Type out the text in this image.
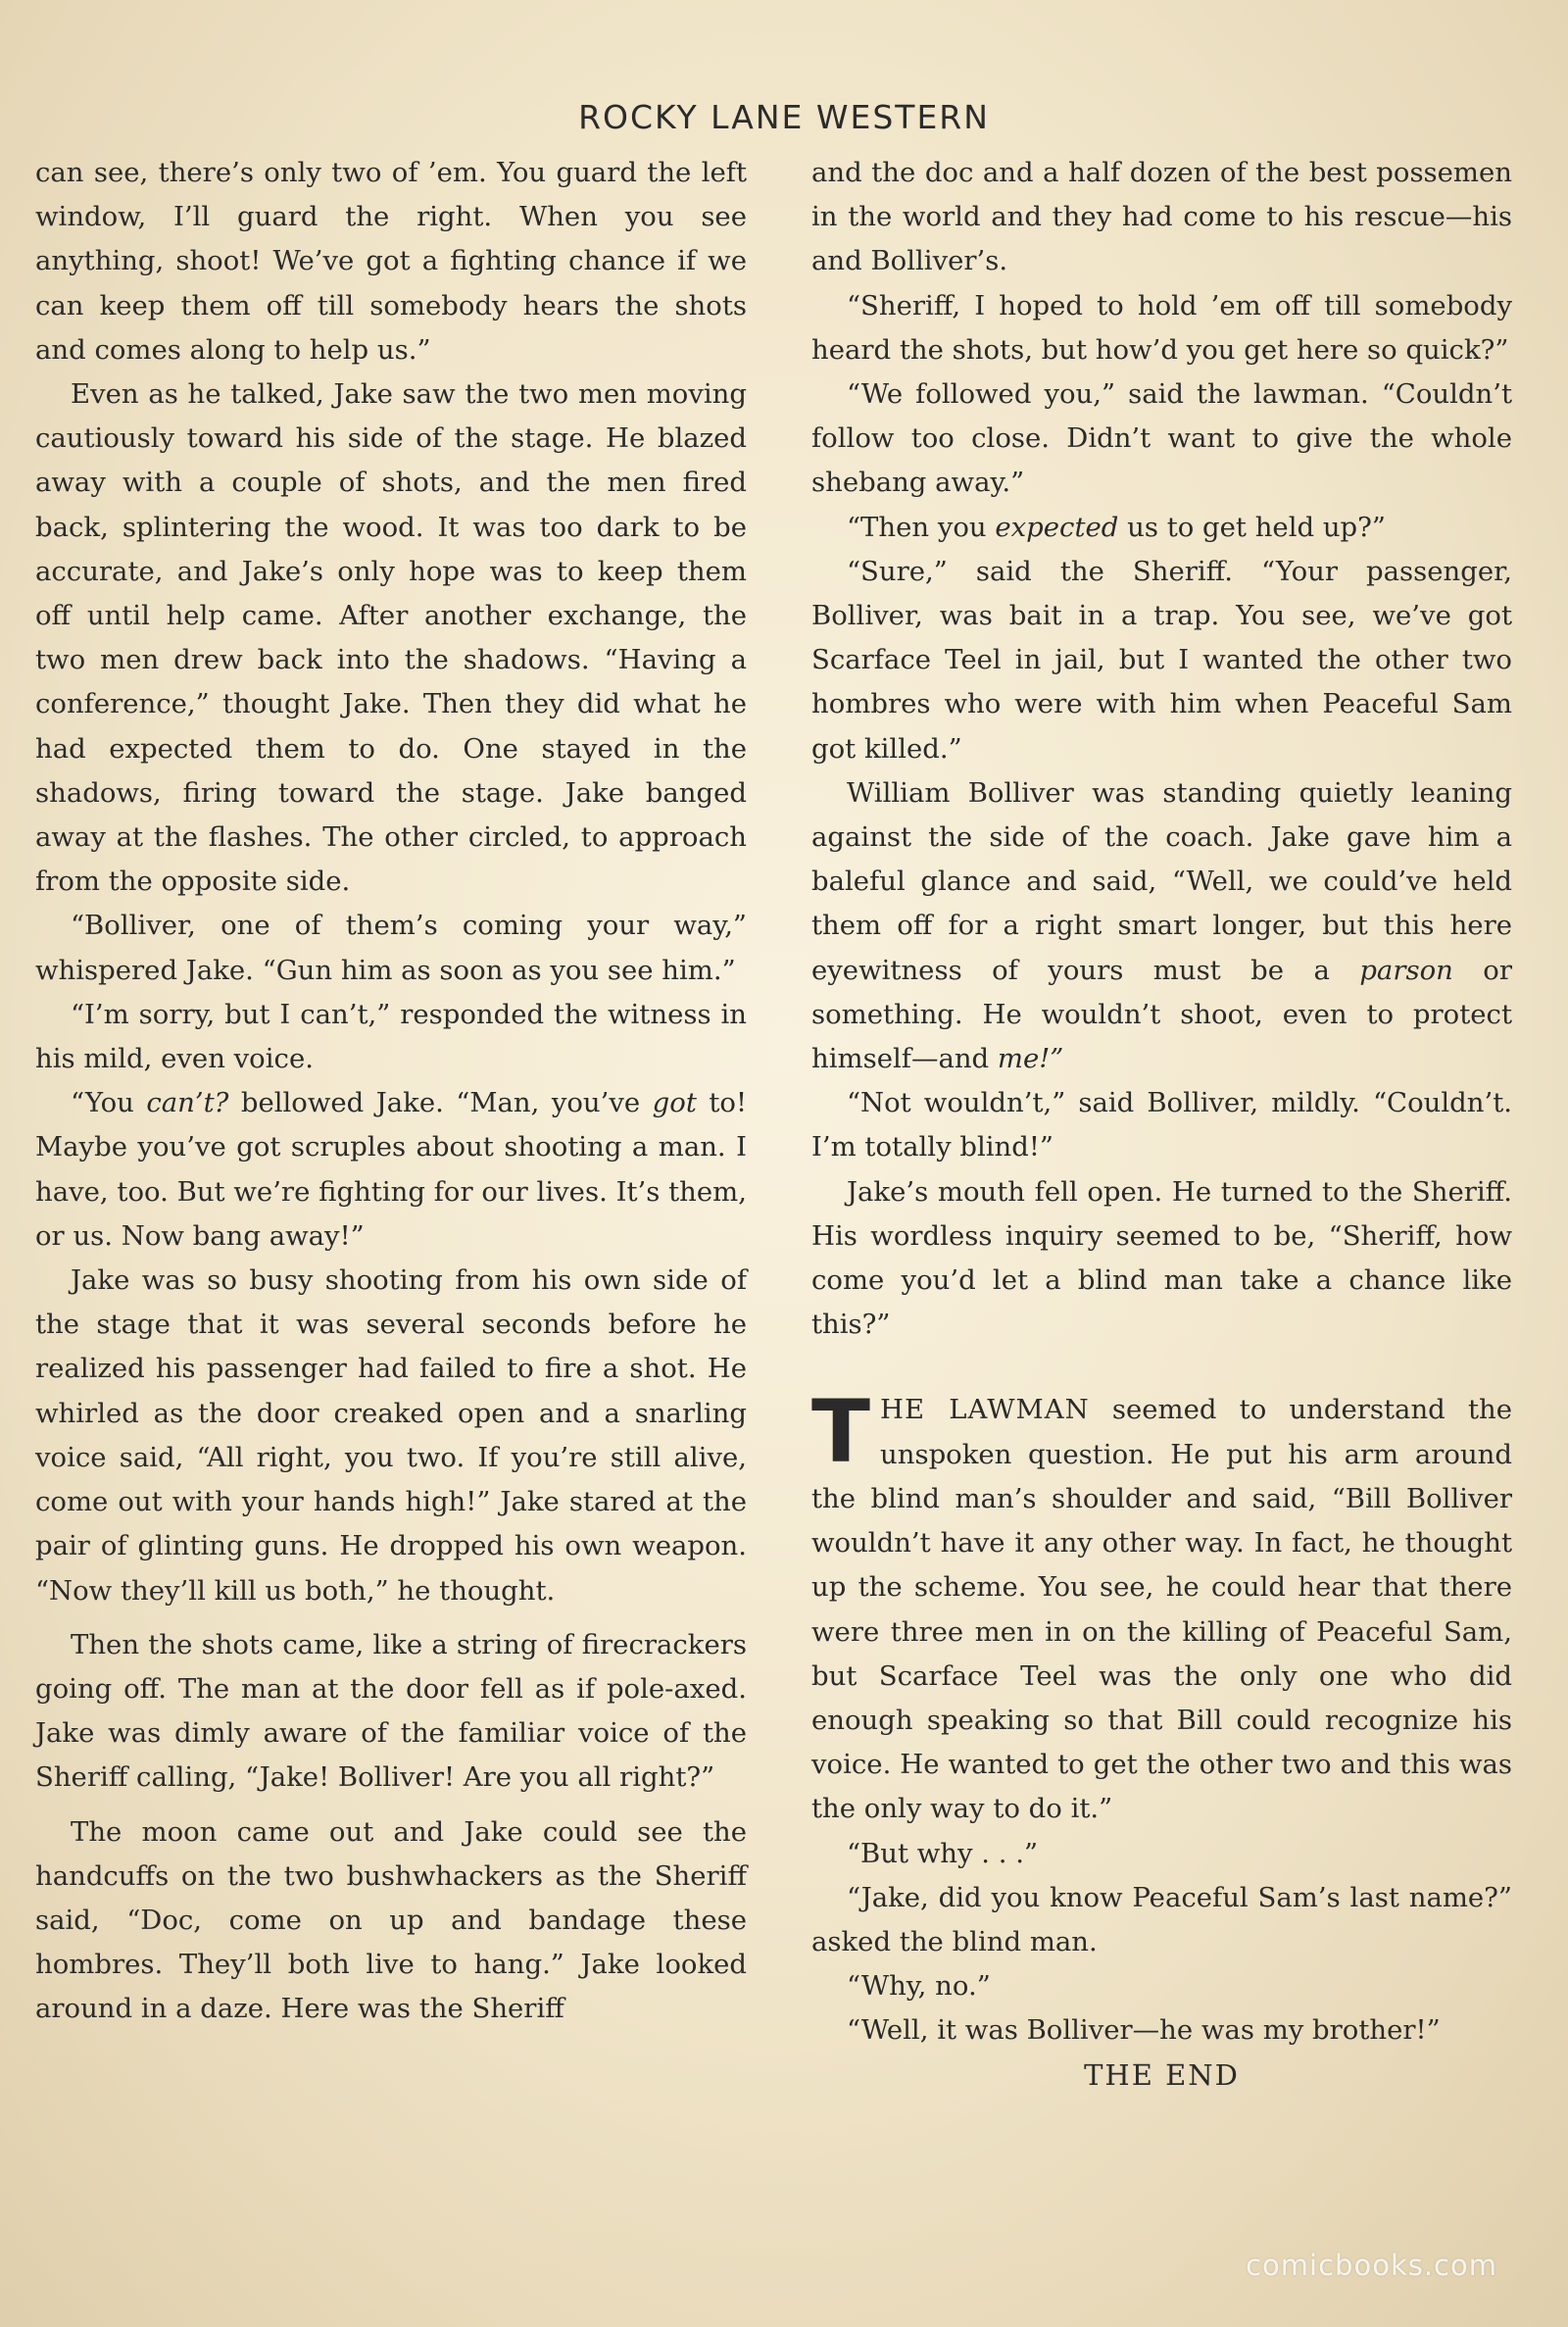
ROCKY LANE WESTERN

can see, there’s only two of ’em. You guard the left window, I’ll guard the right. When you see anything, shoot! We’ve got a fighting chance if we can keep them off till somebody hears the shots and comes along to help us.”

Even as he talked, Jake saw the two men moving cautiously toward his side of the stage. He blazed away with a couple of shots, and the men fired back, splintering the wood. It was too dark to be accurate, and Jake’s only hope was to keep them off until help came. After another exchange, the two men drew back into the shadows. “Having a conference,” thought Jake. Then they did what he had expected them to do. One stayed in the shadows, firing toward the stage. Jake banged away at the flashes. The other circled, to approach from the opposite side.

“Bolliver, one of them’s coming your way,” whispered Jake. “Gun him as soon as you see him.”

“I’m sorry, but I can’t,” responded the witness in his mild, even voice.

“You can’t? bellowed Jake. “Man, you’ve got to! Maybe you’ve got scruples about shooting a man. I have, too. But we’re fighting for our lives. It’s them, or us. Now bang away!”

Jake was so busy shooting from his own side of the stage that it was several seconds before he realized his passenger had failed to fire a shot. He whirled as the door creaked open and a snarling voice said, “All right, you two. If you’re still alive, come out with your hands high!” Jake stared at the pair of glinting guns. He dropped his own weapon. “Now they’ll kill us both,” he thought.

Then the shots came, like a string of firecrackers going off. The man at the door fell as if pole-axed. Jake was dimly aware of the familiar voice of the Sheriff calling, “Jake! Bolliver! Are you all right?”

The moon came out and Jake could see the handcuffs on the two bushwhackers as the Sheriff said, “Doc, come on up and bandage these hombres. They’ll both live to hang.” Jake looked around in a daze. Here was the Sheriff

and the doc and a half dozen of the best possemen in the world and they had come to his rescue—his and Bolliver’s.

“Sheriff, I hoped to hold ’em off till somebody heard the shots, but how’d you get here so quick?”

“We followed you,” said the lawman. “Couldn’t follow too close. Didn’t want to give the whole shebang away.”

“Then you expected us to get held up?”

“Sure,” said the Sheriff. “Your passenger, Bolliver, was bait in a trap. You see, we’ve got Scarface Teel in jail, but I wanted the other two hombres who were with him when Peaceful Sam got killed.”

William Bolliver was standing quietly leaning against the side of the coach. Jake gave him a baleful glance and said, “Well, we could’ve held them off for a right smart longer, but this here eyewitness of yours must be a parson or something. He wouldn’t shoot, even to protect himself—and me!”

“Not wouldn’t,” said Bolliver, mildly. “Couldn’t. I’m totally blind!”

Jake’s mouth fell open. He turned to the Sheriff. His wordless inquiry seemed to be, “Sheriff, how come you’d let a blind man take a chance like this?”

THE LAWMAN seemed to understand the unspoken question. He put his arm around the blind man’s shoulder and said, “Bill Bolliver wouldn’t have it any other way. In fact, he thought up the scheme. You see, he could hear that there were three men in on the killing of Peaceful Sam, but Scarface Teel was the only one who did enough speaking so that Bill could recognize his voice. He wanted to get the other two and this was the only way to do it.”

“But why . . .”

“Jake, did you know Peaceful Sam’s last name?” asked the blind man.

“Why, no.”

“Well, it was Bolliver—he was my brother!”

THE END

comicbooks.com
